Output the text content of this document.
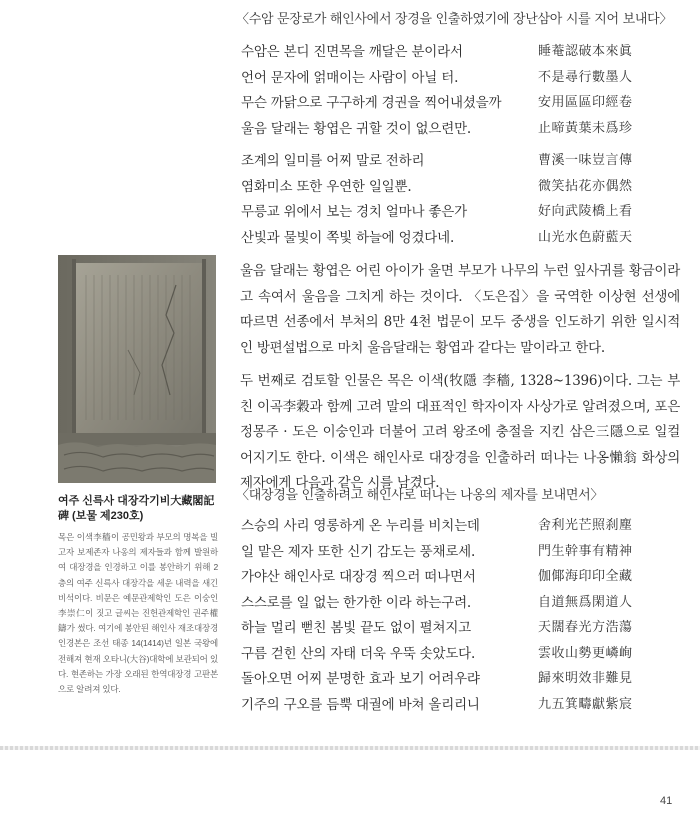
〈수암 문장로가 해인사에서 장경을 인출하였기에 장난삼아 시를 지어 보내다〉
수암은 본디 진면목을 깨달은 분이라서	睡菴認破本來眞
언어 문자에 얽매이는 사람이 아닐 터.	不是尋行數墨人
무슨 까닭으로 구구하게 경권을 찍어내셨을까	安用區區印經卷
울음 달래는 황엽은 귀할 것이 없으련만.	止啼黃葉未爲珍
조계의 일미를 어찌 말로 전하리	曹溪一味豈言傳
염화미소 또한 우연한 일일뿐.	微笑拈花亦偶然
무릉교 위에서 보는 경치 얼마나 좋은가	好向武陵橋上看
산빛과 물빛이 쪽빛 하늘에 엉겼다네.	山光水色蔚藍天
울음 달래는 황엽은 어린 아이가 울면 부모가 나무의 누런 잎사귀를 황금이라고 속여서 울음을 그치게 하는 것이다. 〈도은집〉을 국역한 이상현 선생에 따르면 선종에서 부처의 8만 4천 법문이 모두 중생을 인도하기 위한 일시적인 방편설법으로 마치 울음달래는 황엽과 같다는 말이라고 한다.
두 번째로 검토할 인물은 목은 이색(牧隱 李穡, 1328~1396)이다. 그는 부친 이곡李穀과 함께 고려 말의 대표적인 학자이자 사상가로 알려졌으며, 포은 정몽주 · 도은 이숭인과 더불어 고려 왕조에 충절을 지킨 삼은三隱으로 일컬어지기도 한다. 이색은 해인사로 대장경을 인출하러 떠나는 나옹懶翁 화상의 제자에게 다음과 같은 시를 남겼다.
〈대장경을 인출하려고 해인사로 떠나는 나옹의 제자를 보내면서〉
스승의 사리 영롱하게 온 누리를 비치는데	舍利光芒照刹塵
일 맡은 제자 또한 신기 감도는 풍채로세.	門生幹事有精神
가야산 해인사로 대장경 찍으러 떠나면서	伽倻海印印全藏
스스로를 일 없는 한가한 이라 하는구려.	自道無爲閑道人
하늘 멀리 뻗친 봄빛 끝도 없이 펼쳐지고	天闊春光方浩蕩
구름 걷힌 산의 자태 더욱 우뚝 솟았도다.	雲收山勢更嶙峋
돌아오면 어찌 분명한 효과 보기 어려우랴	歸來明效非難見
기주의 구오를 듬뿍 대궐에 바쳐 올리리니	九五箕疇獻紫宸
여주 신륵사 대장각기비大藏閣記碑 (보물 제230호)
목은 이색李穡이 공민왕과 부모의 명복을 빌고자 보제존자 나옹의 제자들과 함께 발원하여 대장경을 인경하고 이를 봉안하기 위해 2층의 여주 신륵사 대장각을 세운 내력을 새긴 비석이다. 비문은 예문관제학인 도은 이숭인李崇仁이 짓고 글씨는 진헌관제학인 권주權鑄가 썼다. 여기에 봉안된 해인사 재조대장경 인경본은 조선 태종 14(1414)년 일본 국왕에 전해져 현재 오타니(大谷)대학에 보관되어 있다. 현존하는 가장 오래된 한역대장경 고판본으로 알려져 있다.
41
